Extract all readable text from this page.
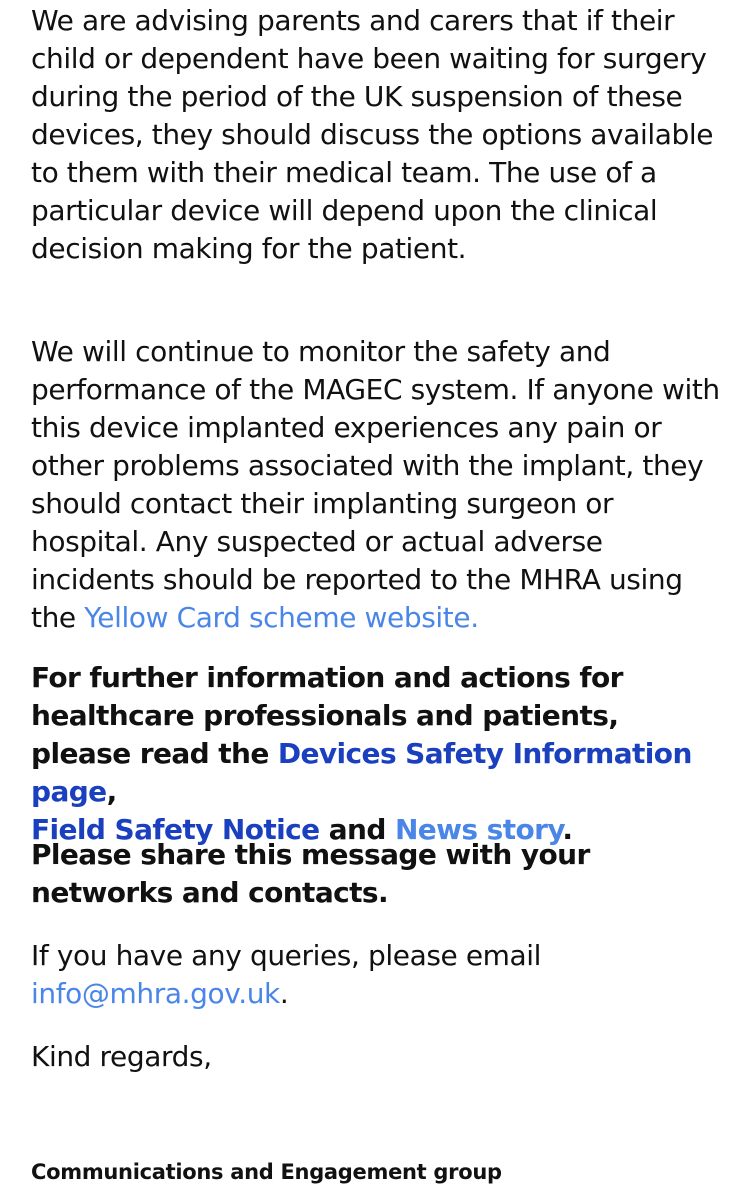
We are advising parents and carers that if their child or dependent have been waiting for surgery during the period of the UK suspension of these devices, they should discuss the options available to them with their medical team. The use of a particular device will depend upon the clinical decision making for the patient.

We will continue to monitor the safety and performance of the MAGEC system. If anyone with this device implanted experiences any pain or other problems associated with the implant, they should contact their implanting surgeon or hospital. Any suspected or actual adverse incidents should be reported to the MHRA using the Yellow Card scheme website.

For further information and actions for healthcare professionals and patients, please read the Devices Safety Information page,
Field Safety Notice and News story.

Please share this message with your networks and contacts.

If you have any queries, please email info@mhra.gov.uk.

Kind regards,

Communications and Engagement group
